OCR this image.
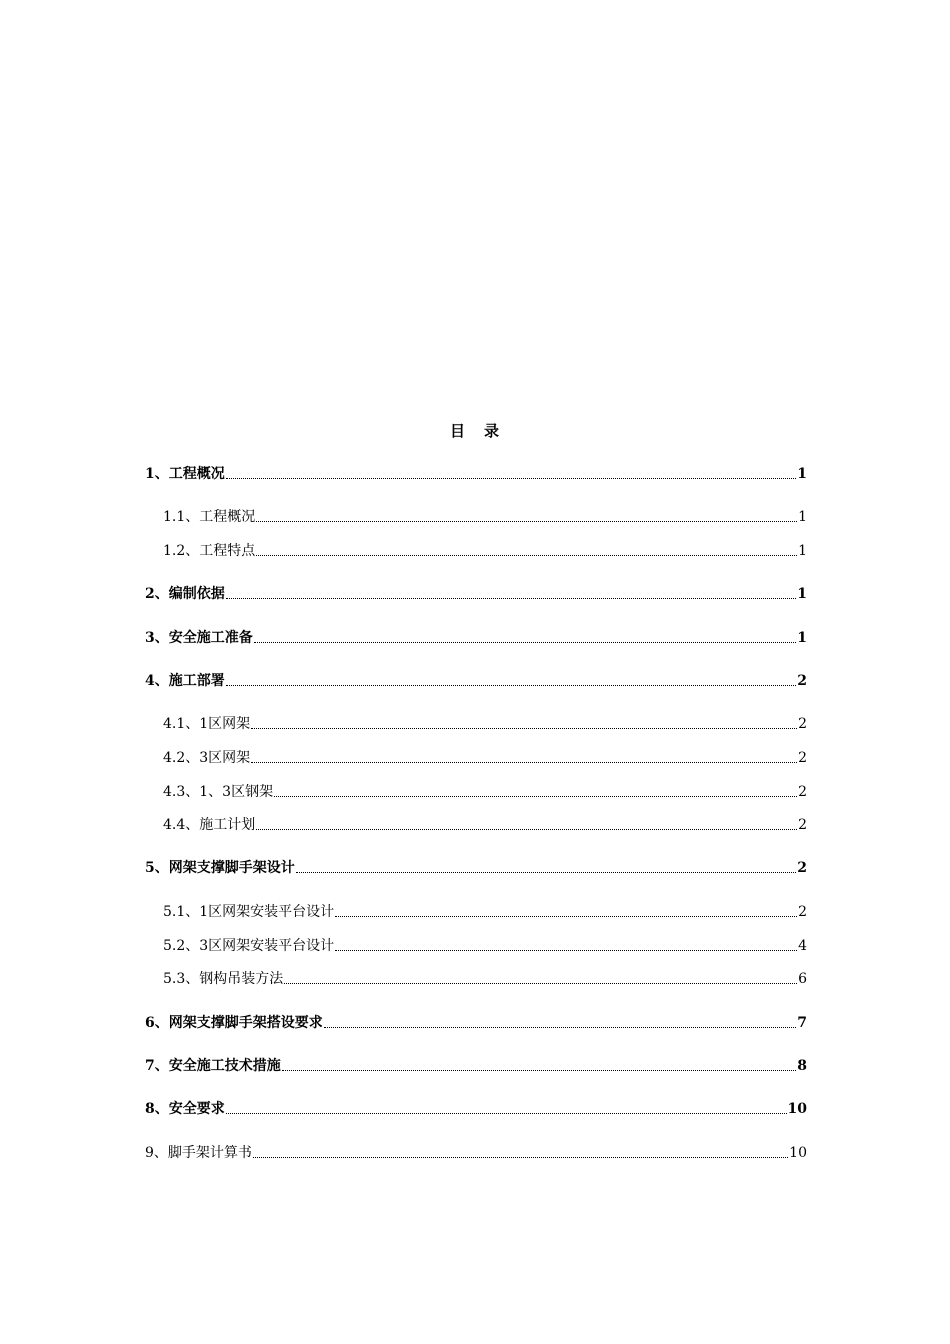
目 录
1、工程概况	1
1.1、工程概况	1
1.2、工程特点	1
2、编制依据	1
3、安全施工准备	1
4、施工部署	2
4.1、1区网架	2
4.2、3区网架	2
4.3、1、3区钢架	2
4.4、施工计划	2
5、网架支撑脚手架设计	2
5.1、1区网架安装平台设计	2
5.2、3区网架安装平台设计	4
5.3、钢构吊装方法	6
6、网架支撑脚手架搭设要求	7
7、安全施工技术措施	8
8、安全要求	10
9、脚手架计算书	10
